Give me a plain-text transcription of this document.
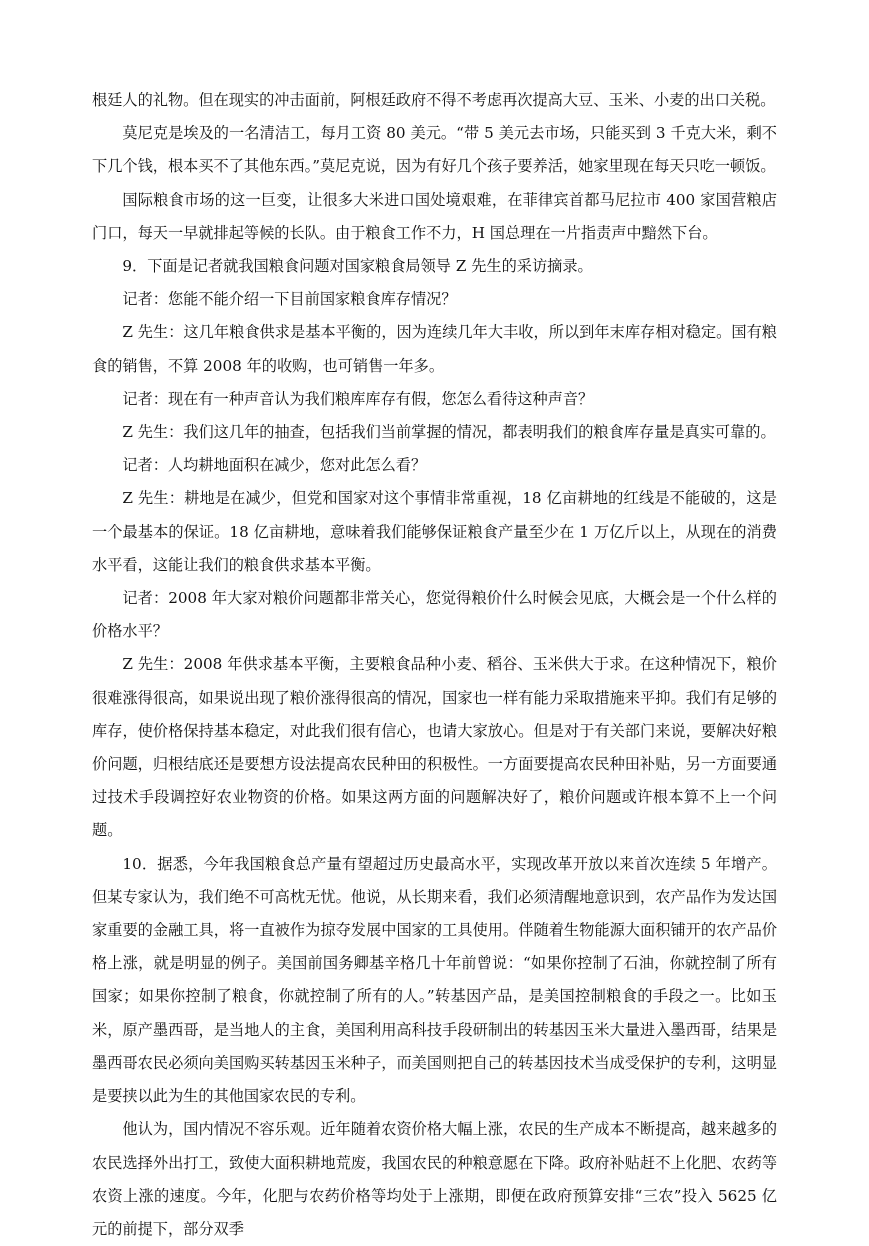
根廷人的礼物。但在现实的冲击面前，阿根廷政府不得不考虑再次提高大豆、玉米、小麦的出口关税。

莫尼克是埃及的一名清洁工，每月工资 80 美元。“带 5 美元去市场，只能买到 3 千克大米，剩不下几个钱，根本买不了其他东西。”莫尼克说，因为有好几个孩子要养活，她家里现在每天只吃一顿饭。

国际粮食市场的这一巨变，让很多大米进口国处境艰难，在菲律宾首都马尼拉市 400 家国营粮店门口，每天一早就排起等候的长队。由于粮食工作不力，H 国总理在一片指责声中黯然下台。

9．下面是记者就我国粮食问题对国家粮食局领导 Z 先生的采访摘录。

记者：您能不能介绍一下目前国家粮食库存情况？

Z 先生：这几年粮食供求是基本平衡的，因为连续几年大丰收，所以到年末库存相对稳定。国有粮食的销售，不算 2008 年的收购，也可销售一年多。

记者：现在有一种声音认为我们粮库库存有假，您怎么看待这种声音？

Z 先生：我们这几年的抽查，包括我们当前掌握的情况，都表明我们的粮食库存量是真实可靠的。

记者：人均耕地面积在减少，您对此怎么看？

Z 先生：耕地是在减少，但党和国家对这个事情非常重视，18 亿亩耕地的红线是不能破的，这是一个最基本的保证。18 亿亩耕地，意味着我们能够保证粮食产量至少在 1 万亿斤以上，从现在的消费水平看，这能让我们的粮食供求基本平衡。

记者：2008 年大家对粮价问题都非常关心，您觉得粮价什么时候会见底，大概会是一个什么样的价格水平？

Z 先生：2008 年供求基本平衡，主要粮食品种小麦、稻谷、玉米供大于求。在这种情况下，粮价很难涨得很高，如果说出现了粮价涨得很高的情况，国家也一样有能力采取措施来平抑。我们有足够的库存，使价格保持基本稳定，对此我们很有信心，也请大家放心。但是对于有关部门来说，要解决好粮价问题，归根结底还是要想方设法提高农民种田的积极性。一方面要提高农民种田补贴，另一方面要通过技术手段调控好农业物资的价格。如果这两方面的问题解决好了，粮价问题或许根本算不上一个问题。

10．据悉，今年我国粮食总产量有望超过历史最高水平，实现改革开放以来首次连续 5 年增产。但某专家认为，我们绝不可高枕无忧。他说，从长期来看，我们必须清醒地意识到，农产品作为发达国家重要的金融工具，将一直被作为掠夺发展中国家的工具使用。伴随着生物能源大面积铺开的农产品价格上涨，就是明显的例子。美国前国务卿基辛格几十年前曾说：“如果你控制了石油，你就控制了所有国家；如果你控制了粮食，你就控制了所有的人。”转基因产品，是美国控制粮食的手段之一。比如玉米，原产墨西哥，是当地人的主食，美国利用高科技手段研制出的转基因玉米大量进入墨西哥，结果是墨西哥农民必须向美国购买转基因玉米种子，而美国则把自己的转基因技术当成受保护的专利，这明显是要挟以此为生的其他国家农民的专利。

他认为，国内情况不容乐观。近年随着农资价格大幅上涨，农民的生产成本不断提高，越来越多的农民选择外出打工，致使大面积耕地荒废，我国农民的种粮意愿在下降。政府补贴赶不上化肥、农药等农资上涨的速度。今年，化肥与农药价格等均处于上涨期，即便在政府预算安排“三农”投入 5625 亿元的前提下，部分双季
